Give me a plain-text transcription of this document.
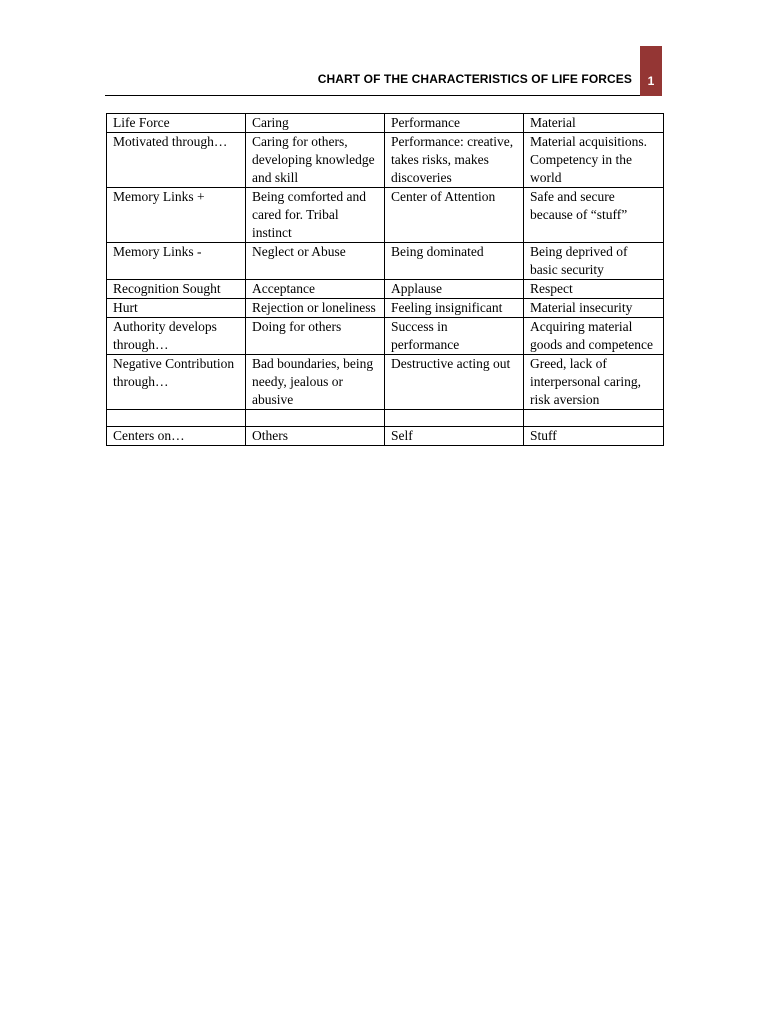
CHART OF THE CHARACTERISTICS OF LIFE FORCES	1
Life Force	Caring	Performance	Material
Motivated through…	Caring for others, developing knowledge and skill	Performance: creative, takes risks, makes discoveries	Material acquisitions. Competency in the world
Memory Links +	Being comforted and cared for. Tribal instinct	Center of Attention	Safe and secure because of “stuff”
Memory Links -	Neglect or Abuse	Being dominated	Being deprived of basic security
Recognition Sought	Acceptance	Applause	Respect
Hurt	Rejection or loneliness	Feeling insignificant	Material insecurity
Authority develops through…	Doing for others	Success in performance	Acquiring material goods and competence
Negative Contribution through…	Bad boundaries, being needy, jealous or abusive	Destructive acting out	Greed, lack of interpersonal caring, risk aversion

Centers on…	Others	Self	Stuff
